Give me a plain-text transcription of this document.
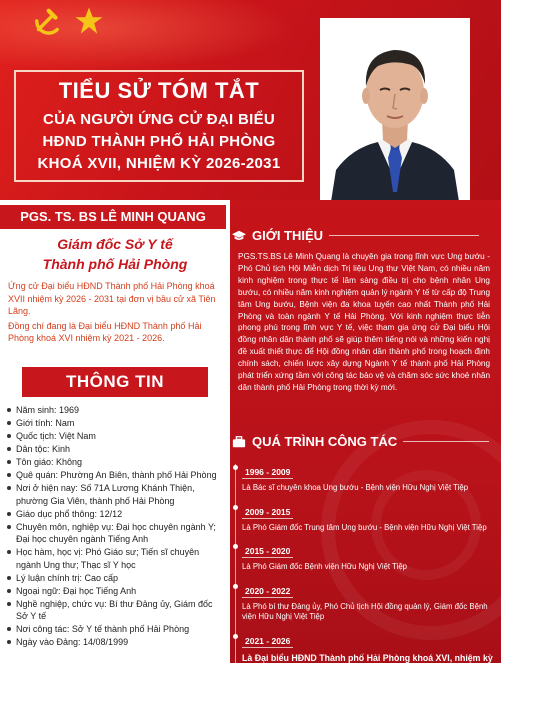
TIỂU SỬ TÓM TẮT
CỦA NGƯỜI ỨNG CỬ ĐẠI BIỂU
HĐND THÀNH PHỐ HẢI PHÒNG
KHOÁ XVII, NHIỆM KỲ 2026-2031
PGS. TS. BS LÊ MINH QUANG
Giám đốc Sở Y tế
Thành phố Hải Phòng

Ứng cử Đại biểu HĐND Thành phố Hải Phòng khoá XVII nhiệm kỳ 2026 - 2031 tại đơn vị bầu cử xã Tiên Lãng.

Đồng chí đang là Đại biểu HĐND Thành phố Hải Phòng khoá XVI nhiệm kỳ 2021 - 2026.

THÔNG TIN
Năm sinh: 1969
Giới tính: Nam
Quốc tịch: Việt Nam
Dân tộc: Kinh
Tôn giáo: Không
Quê quán: Phường An Biên, thành phố Hải Phòng
Nơi ở hiện nay: Số 71A Lương Khánh Thiện, phường Gia Viên, thành phố Hải Phòng
Giáo dục phổ thông: 12/12
Chuyên môn, nghiệp vụ: Đại học chuyên ngành Y; Đại học chuyên ngành Tiếng Anh
Học hàm, học vị: Phó Giáo sư; Tiến sĩ chuyên ngành Ung thư; Thạc sĩ Y học
Lý luận chính trị: Cao cấp
Ngoại ngữ: Đại học Tiếng Anh
Nghề nghiệp, chức vụ: Bí thư Đảng ủy, Giám đốc Sở Y tế
Nơi công tác: Sở Y tế thành phố Hải Phòng
Ngày vào Đảng: 14/08/1999
GIỚI THIỆU
PGS.TS.BS Lê Minh Quang là chuyên gia trong lĩnh vực Ung bướu - Phó Chủ tịch Hội Miễn dịch Trị liệu Ung thư Việt Nam, có nhiều năm kinh nghiệm trong thực tế lâm sàng điều trị cho bệnh nhân Ung bướu, có nhiều năm kinh nghiệm quản lý ngành Y tế từ cấp độ Trung tâm Ung bướu, Bệnh viện đa khoa tuyến cao nhất Thành phố Hải Phòng và toàn ngành Y tế Hải Phòng. Với kinh nghiệm thực tiễn phong phú trong lĩnh vực Y tế, việc tham gia ứng cử Đại biểu Hội đồng nhân dân thành phố sẽ giúp thêm tiếng nói và những kiến nghị đề xuất thiết thực để Hội đồng nhân dân thành phố trong hoạch định chính sách, chiến lược xây dựng Ngành Y tế thành phố Hải Phòng phát triển xứng tầm với công tác bảo vệ và chăm sóc sức khoẻ nhân dân thành phố Hải Phòng trong thời kỳ mới.
QUÁ TRÌNH CÔNG TÁC
1996 - 2009
Là Bác sĩ chuyên khoa Ung bướu - Bệnh viện Hữu Nghị Việt Tiệp
2009 - 2015
Là Phó Giám đốc Trung tâm Ung bướu - Bệnh viện Hữu Nghị Việt Tiệp
2015 - 2020
Là Phó Giám đốc Bệnh viện Hữu Nghị Việt Tiệp
2020 - 2022
Là Phó bí thư Đảng ủy, Phó Chủ tịch Hội đồng quản lý, Giám đốc Bệnh viện Hữu Nghị Việt Tiệp
2021 - 2026
Là Đại biểu HĐND Thành phố Hải Phòng khoá XVI, nhiệm kỳ 2021 - 2026
Tháng 1/2023 đến nay
